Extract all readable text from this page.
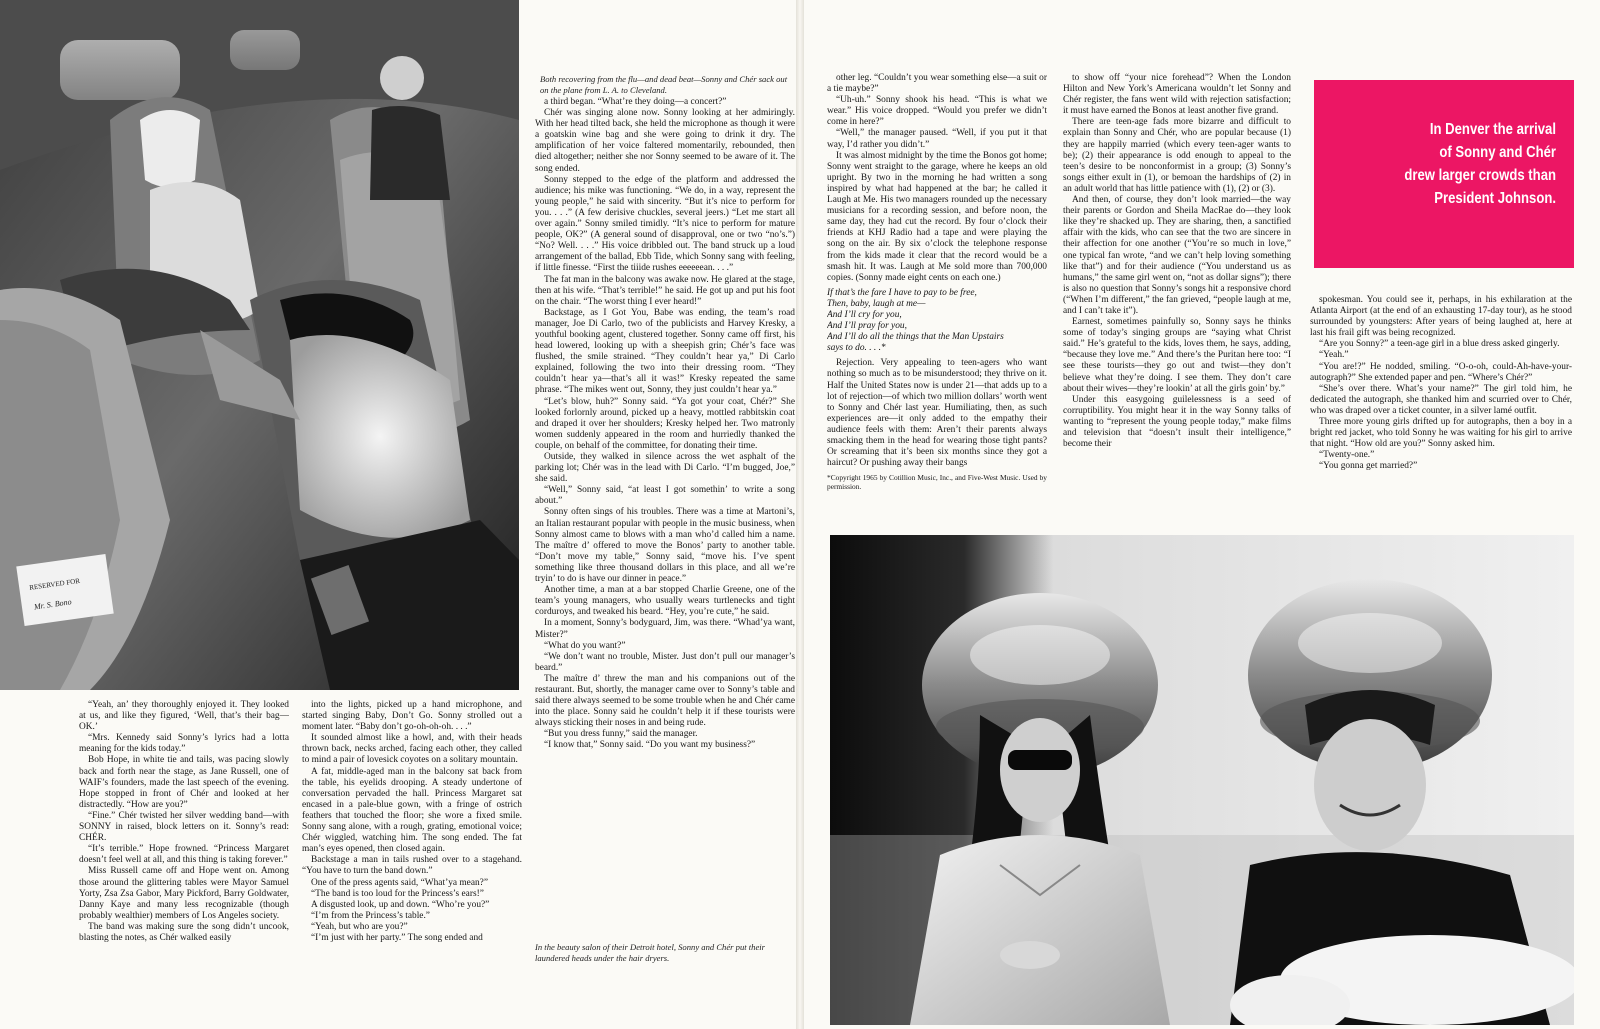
RESERVED FOR
Mr. S. Bono

Both recovering from the flu—and dead beat—Sonny and Chér sack out on the plane from L. A. to Cleveland.

“Yeah, an’ they thoroughly enjoyed it. They looked at us, and like they figured, ‘Well, that’s their bag—OK.’

“Mrs. Kennedy said Sonny’s lyrics had a lotta meaning for the kids today.”

Bob Hope, in white tie and tails, was pacing slowly back and forth near the stage, as Jane Russell, one of WAIF’s founders, made the last speech of the evening. Hope stopped in front of Chér and looked at her distractedly. “How are you?”

“Fine.” Chér twisted her silver wedding band—with SONNY in raised, block letters on it. Sonny’s read: CHÉR.

“It’s terrible.” Hope frowned. “Princess Margaret doesn’t feel well at all, and this thing is taking forever.”

Miss Russell came off and Hope went on. Among those around the glittering tables were Mayor Samuel Yorty, Zsa Zsa Gabor, Mary Pickford, Barry Goldwater, Danny Kaye and many less recognizable (though probably wealthier) members of Los Angeles society.

The band was making sure the song didn’t uncook, blasting the notes, as Chér walked easily

into the lights, picked up a hand microphone, and started singing Baby, Don’t Go. Sonny strolled out a moment later. “Baby don’t go-oh-oh-oh. . . .”

It sounded almost like a howl, and, with their heads thrown back, necks arched, facing each other, they called to mind a pair of lovesick coyotes on a solitary mountain.

A fat, middle-aged man in the balcony sat back from the table, his eyelids drooping. A steady undertone of conversation pervaded the hall. Princess Margaret sat encased in a pale-blue gown, with a fringe of ostrich feathers that touched the floor; she wore a fixed smile. Sonny sang alone, with a rough, grating, emotional voice; Chér wiggled, watching him. The song ended. The fat man’s eyes opened, then closed again.

Backstage a man in tails rushed over to a stagehand. “You have to turn the band down.”

One of the press agents said, “What’ya mean?”

“The band is too loud for the Princess’s ears!”

A disgusted look, up and down. “Who’re you?”

“I’m from the Princess’s table.”

“Yeah, but who are you?”

“I’m just with her party.” The song ended and

a third began. “What’re they doing—a concert?”

Chér was singing alone now. Sonny looking at her admiringly. With her head tilted back, she held the microphone as though it were a goatskin wine bag and she were going to drink it dry. The amplification of her voice faltered momentarily, rebounded, then died altogether; neither she nor Sonny seemed to be aware of it. The song ended.

Sonny stepped to the edge of the platform and addressed the audience; his mike was functioning. “We do, in a way, represent the young people,” he said with sincerity. “But it’s nice to perform for you. . . .” (A few derisive chuckles, several jeers.) “Let me start all over again.” Sonny smiled timidly. “It’s nice to perform for mature people, OK?” (A general sound of disapproval, one or two “no’s.”) “No? Well. . . .” His voice dribbled out. The band struck up a loud arrangement of the ballad, Ebb Tide, which Sonny sang with feeling, if little finesse. “First the tiiide rushes eeeeeean. . . .”

The fat man in the balcony was awake now. He glared at the stage, then at his wife. “That’s terrible!” he said. He got up and put his foot on the chair. “The worst thing I ever heard!”

Backstage, as I Got You, Babe was ending, the team’s road manager, Joe Di Carlo, two of the publicists and Harvey Kresky, a youthful booking agent, clustered together. Sonny came off first, his head lowered, looking up with a sheepish grin; Chér’s face was flushed, the smile strained. “They couldn’t hear ya,” Di Carlo explained, following the two into their dressing room. “They couldn’t hear ya—that’s all it was!” Kresky repeated the same phrase. “The mikes went out, Sonny, they just couldn’t hear ya.”

“Let’s blow, huh?” Sonny said. “Ya got your coat, Chér?” She looked forlornly around, picked up a heavy, mottled rabbitskin coat and draped it over her shoulders; Kresky helped her. Two matronly women suddenly appeared in the room and hurriedly thanked the couple, on behalf of the committee, for donating their time.

Outside, they walked in silence across the wet asphalt of the parking lot; Chér was in the lead with Di Carlo. “I’m bugged, Joe,” she said.

“Well,” Sonny said, “at least I got somethin’ to write a song about.”

Sonny often sings of his troubles. There was a time at Martoni’s, an Italian restaurant popular with people in the music business, when Sonny almost came to blows with a man who’d called him a name. The maître d’ offered to move the Bonos’ party to another table. “Don’t move my table,” Sonny said, “move his. I’ve spent something like three thousand dollars in this place, and all we’re tryin’ to do is have our dinner in peace.”

Another time, a man at a bar stopped Charlie Greene, one of the team’s young managers, who usually wears turtlenecks and tight corduroys, and tweaked his beard. “Hey, you’re cute,” he said.

In a moment, Sonny’s bodyguard, Jim, was there. “Whad’ya want, Mister?”

“What do you want?”

“We don’t want no trouble, Mister. Just don’t pull our manager’s beard.”

The maître d’ threw the man and his companions out of the restaurant. But, shortly, the manager came over to Sonny’s table and said there always seemed to be some trouble when he and Chér came into the place. Sonny said he couldn’t help it if these tourists were always sticking their noses in and being rude.

“But you dress funny,” said the manager.

“I know that,” Sonny said. “Do you want my business?”

In the beauty salon of their Detroit hotel, Sonny and Chér put their laundered heads under the hair dryers.

other leg. “Couldn’t you wear something else—a suit or a tie maybe?”

“Uh-uh.” Sonny shook his head. “This is what we wear.” His voice dropped. “Would you prefer we didn’t come in here?”

“Well,” the manager paused. “Well, if you put it that way, I’d rather you didn’t.”

It was almost midnight by the time the Bonos got home; Sonny went straight to the garage, where he keeps an old upright. By two in the morning he had written a song inspired by what had happened at the bar; he called it Laugh at Me. His two managers rounded up the necessary musicians for a recording session, and before noon, the same day, they had cut the record. By four o’clock their friends at KHJ Radio had a tape and were playing the song on the air. By six o’clock the telephone response from the kids made it clear that the record would be a smash hit. It was. Laugh at Me sold more than 700,000 copies. (Sonny made eight cents on each one.)

If that’s the fare I have to pay to be free,
Then, baby, laugh at me—
And I’ll cry for you,
And I’ll pray for you,
And I’ll do all the things that the Man Upstairs
says to do. . . .*

Rejection. Very appealing to teen-agers who want nothing so much as to be misunderstood; they thrive on it. Half the United States now is under 21—that adds up to a lot of rejection—of which two million dollars’ worth went to Sonny and Chér last year. Humiliating, then, as such experiences are—it only added to the empathy their audience feels with them: Aren’t their parents always smacking them in the head for wearing those tight pants? Or screaming that it’s been six months since they got a haircut? Or pushing away their bangs

*Copyright 1965 by Cotillion Music, Inc., and Five-West Music. Used by permission.

to show off “your nice forehead”? When the London Hilton and New York’s Americana wouldn’t let Sonny and Chér register, the fans went wild with rejection satisfaction; it must have earned the Bonos at least another five grand.

There are teen-age fads more bizarre and difficult to explain than Sonny and Chér, who are popular because (1) they are happily married (which every teen-ager wants to be); (2) their appearance is odd enough to appeal to the teen’s desire to be nonconformist in a group; (3) Sonny’s songs either exult in (1), or bemoan the hardships of (2) in an adult world that has little patience with (1), (2) or (3).

And then, of course, they don’t look married—the way their parents or Gordon and Sheila MacRae do—they look like they’re shacked up. They are sharing, then, a sanctified affair with the kids, who can see that the two are sincere in their affection for one another (“You’re so much in love,” one typical fan wrote, “and we can’t help loving something like that”) and for their audience (“You understand us as humans,” the same girl went on, “not as dollar signs”); there is also no question that Sonny’s songs hit a responsive chord (“When I’m different,” the fan grieved, “people laugh at me, and I can’t take it”).

Earnest, sometimes painfully so, Sonny says he thinks some of today’s singing groups are “saying what Christ said.” He’s grateful to the kids, loves them, he says, adding, “because they love me.” And there’s the Puritan here too: “I see these tourists—they go out and twist—they don’t believe what they’re doing. I see them. They don’t care about their wives—they’re lookin’ at all the girls goin’ by.”

Under this easygoing guilelessness is a seed of corruptibility. You might hear it in the way Sonny talks of wanting to “represent the young people today,” make films and television that “doesn’t insult their intelligence,” become their

In Denver the arrival
of Sonny and Chér
drew larger crowds than
President Johnson.

spokesman. You could see it, perhaps, in his exhilaration at the Atlanta Airport (at the end of an exhausting 17-day tour), as he stood surrounded by youngsters: After years of being laughed at, here at last his frail gift was being recognized.

“Are you Sonny?” a teen-age girl in a blue dress asked gingerly.

“Yeah.”

“You are!?” He nodded, smiling. “O-o-oh, could-Ah-have-your-autograph?” She extended paper and pen. “Where’s Chér?”

“She’s over there. What’s your name?” The girl told him, he dedicated the autograph, she thanked him and scurried over to Chér, who was draped over a ticket counter, in a silver lamé outfit.

Three more young girls drifted up for autographs, then a boy in a bright red jacket, who told Sonny he was waiting for his girl to arrive that night. “How old are you?” Sonny asked him.

“Twenty-one.”

“You gonna get married?”
